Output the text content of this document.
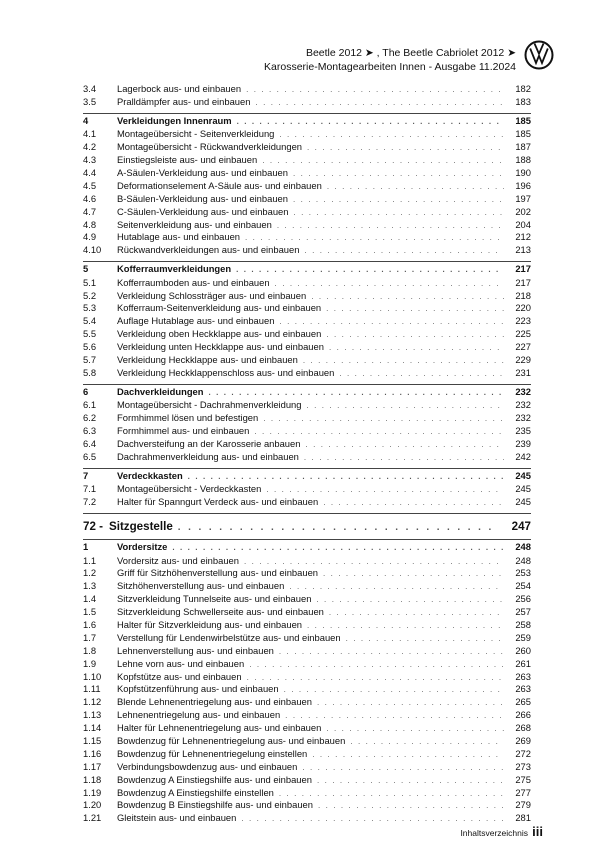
Beetle 2012 ➤ , The Beetle Cabriolet 2012 ➤
Karosserie-Montagearbeiten Innen - Ausgabe 11.2024
3.4	Lagerbock aus- und einbauen . . .	182
3.5	Pralldämpfer aus- und einbauen . . .	183
4	Verkleidungen Innenraum . . .	185
4.1	Montageübersicht - Seitenverkleidung . . .	185
4.2	Montageübersicht - Rückwandverkleidungen . . .	187
4.3	Einstiegsleiste aus- und einbauen . . .	188
4.4	A-Säulen-Verkleidung aus- und einbauen . . .	190
4.5	Deformationselement A-Säule aus- und einbauen . . .	196
4.6	B-Säulen-Verkleidung aus- und einbauen . . .	197
4.7	C-Säulen-Verkleidung aus- und einbauen . . .	202
4.8	Seitenverkleidung aus- und einbauen . . .	204
4.9	Hutablage aus- und einbauen . . .	212
4.10	Rückwandverkleidungen aus- und einbauen . . .	213
5	Kofferraumverkleidungen . . .	217
5.1	Kofferraumboden aus- und einbauen . . .	217
5.2	Verkleidung Schlossträger aus- und einbauen . . .	218
5.3	Kofferraum-Seitenverkleidung aus- und einbauen . . .	220
5.4	Auflage Hutablage aus- und einbauen . . .	223
5.5	Verkleidung oben Heckklappe aus- und einbauen . . .	225
5.6	Verkleidung unten Heckklappe aus- und einbauen . . .	227
5.7	Verkleidung Heckklappe aus- und einbauen . . .	229
5.8	Verkleidung Heckklappenschloss aus- und einbauen . . .	231
6	Dachverkleidungen . . .	232
6.1	Montageübersicht - Dachrahmenverkleidung . . .	232
6.2	Formhimmel lösen und befestigen . . .	232
6.3	Formhimmel aus- und einbauen . . .	235
6.4	Dachversteifung an der Karosserie anbauen . . .	239
6.5	Dachrahmenverkleidung aus- und einbauen . . .	242
7	Verdeckkasten . . .	245
7.1	Montageübersicht - Verdeckkasten . . .	245
7.2	Halter für Spanngurt Verdeck aus- und einbauen . . .	245
72 - Sitzgestelle . . .	247
1	Vordersitze . . .	248
1.1	Vordersitz aus- und einbauen . . .	248
1.2	Griff für Sitzhöhenverstellung aus- und einbauen . . .	253
1.3	Sitzhöhenverstellung aus- und einbauen . . .	254
1.4	Sitzverkleidung Tunnelseite aus- und einbauen . . .	256
1.5	Sitzverkleidung Schwellerseite aus- und einbauen . . .	257
1.6	Halter für Sitzverkleidung aus- und einbauen . . .	258
1.7	Verstellung für Lendenwirbelstütze aus- und einbauen . . .	259
1.8	Lehnenverstellung aus- und einbauen . . .	260
1.9	Lehne vorn aus- und einbauen . . .	261
1.10	Kopfstütze aus- und einbauen . . .	263
1.11	Kopfstützenführung aus- und einbauen . . .	263
1.12	Blende Lehnenentriegelung aus- und einbauen . . .	265
1.13	Lehnenentriegelung aus- und einbauen . . .	266
1.14	Halter für Lehnenentriegelung aus- und einbauen . . .	268
1.15	Bowdenzug für Lehnenentriegelung aus- und einbauen . . .	269
1.16	Bowdenzug für Lehnenentriegelung einstellen . . .	272
1.17	Verbindungsbowdenzug aus- und einbauen . . .	273
1.18	Bowdenzug A Einstiegshilfe aus- und einbauen . . .	275
1.19	Bowdenzug A Einstiegshilfe einstellen . . .	277
1.20	Bowdenzug B Einstiegshilfe aus- und einbauen . . .	279
1.21	Gleitstein aus- und einbauen . . .	281
Inhaltsverzeichnis iii
